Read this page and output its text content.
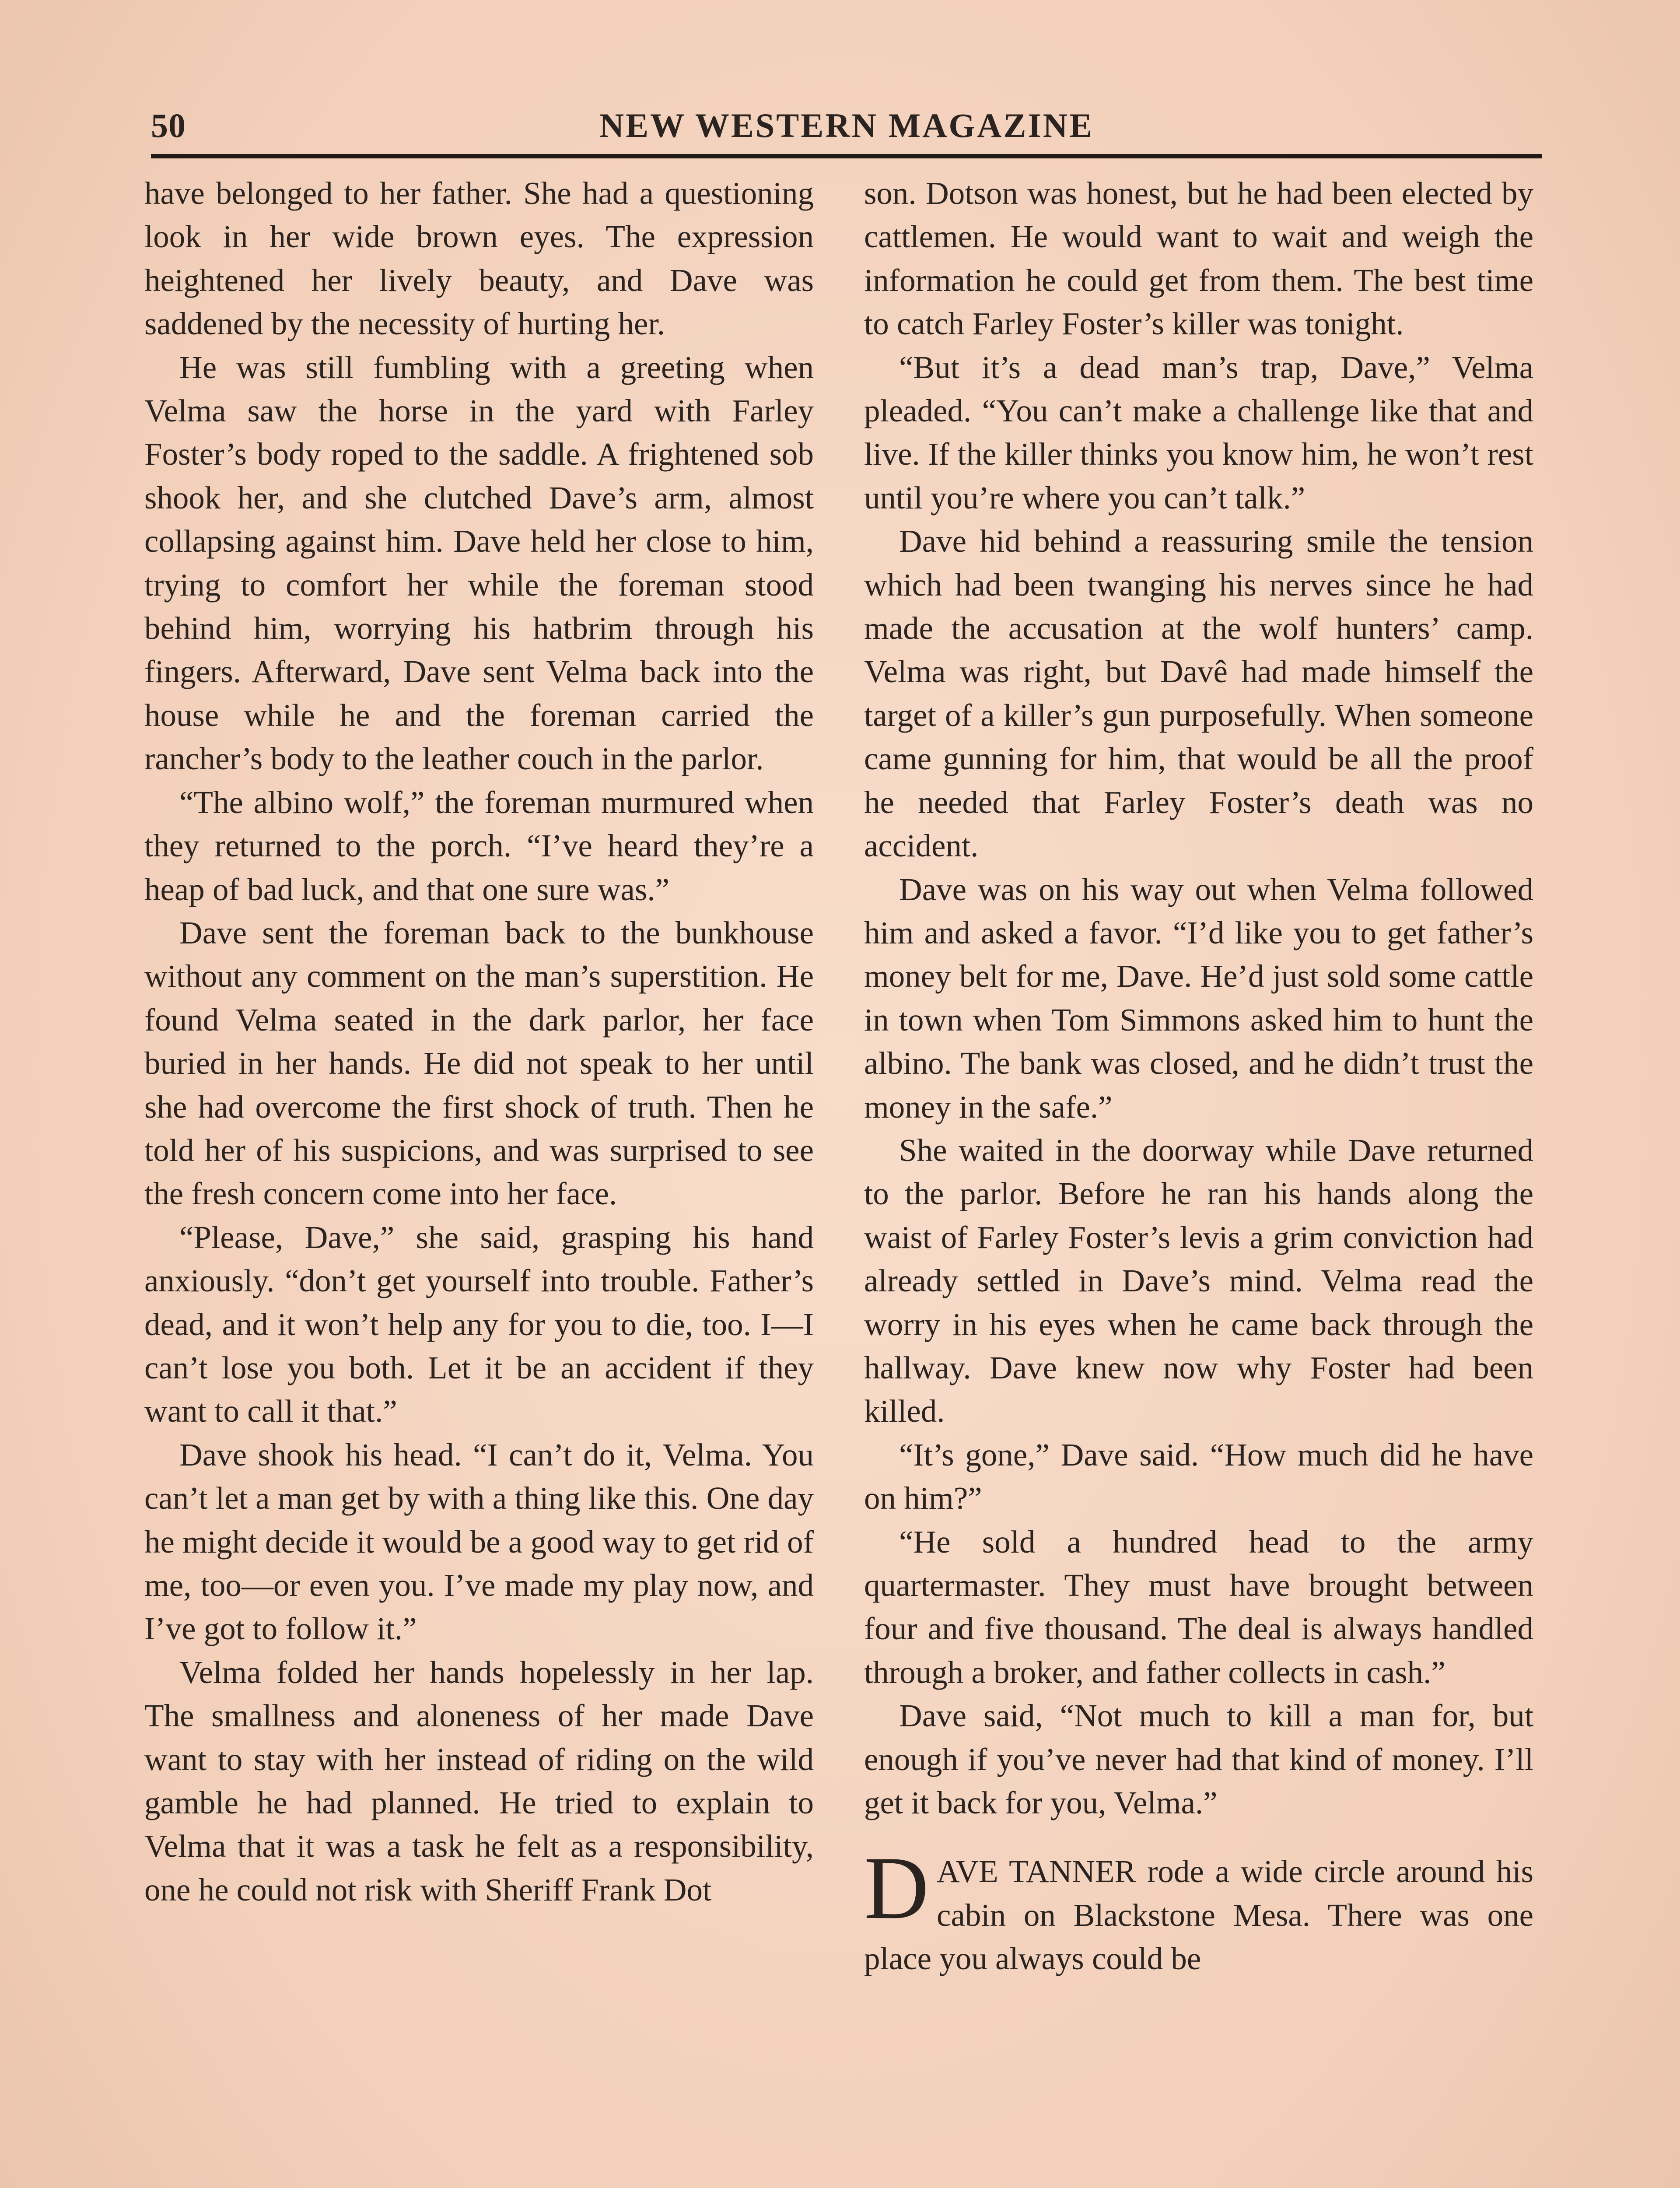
50	NEW WESTERN MAGAZINE

have belonged to her father. She had a questioning look in her wide brown eyes. The expression heightened her lively beauty, and Dave was saddened by the necessity of hurting her.

He was still fumbling with a greeting when Velma saw the horse in the yard with Farley Foster’s body roped to the saddle. A frightened sob shook her, and she clutched Dave’s arm, almost collapsing against him. Dave held her close to him, trying to comfort her while the foreman stood behind him, worrying his hatbrim through his fingers. Afterward, Dave sent Velma back into the house while he and the foreman carried the rancher’s body to the leather couch in the parlor.

“The albino wolf,” the foreman murmured when they returned to the porch. “I’ve heard they’re a heap of bad luck, and that one sure was.”

Dave sent the foreman back to the bunkhouse without any comment on the man’s superstition. He found Velma seated in the dark parlor, her face buried in her hands. He did not speak to her until she had overcome the first shock of truth. Then he told her of his suspicions, and was surprised to see the fresh concern come into her face.

“Please, Dave,” she said, grasping his hand anxiously. “don’t get yourself into trouble. Father’s dead, and it won’t help any for you to die, too. I—I can’t lose you both. Let it be an accident if they want to call it that.”

Dave shook his head. “I can’t do it, Velma. You can’t let a man get by with a thing like this. One day he might decide it would be a good way to get rid of me, too—or even you. I’ve made my play now, and I’ve got to follow it.”

Velma folded her hands hopelessly in her lap. The smallness and aloneness of her made Dave want to stay with her instead of riding on the wild gamble he had planned. He tried to explain to Velma that it was a task he felt as a responsibility, one he could not risk with Sheriff Frank Dot

son. Dotson was honest, but he had been elected by cattlemen. He would want to wait and weigh the information he could get from them. The best time to catch Farley Foster’s killer was tonight.

“But it’s a dead man’s trap, Dave,” Velma pleaded. “You can’t make a challenge like that and live. If the killer thinks you know him, he won’t rest until you’re where you can’t talk.”

Dave hid behind a reassuring smile the tension which had been twanging his nerves since he had made the accusation at the wolf hunters’ camp. Velma was right, but Davê had made himself the target of a killer’s gun purposefully. When someone came gunning for him, that would be all the proof he needed that Farley Foster’s death was no accident.

Dave was on his way out when Velma followed him and asked a favor. “I’d like you to get father’s money belt for me, Dave. He’d just sold some cattle in town when Tom Simmons asked him to hunt the albino. The bank was closed, and he didn’t trust the money in the safe.”

She waited in the doorway while Dave returned to the parlor. Before he ran his hands along the waist of Farley Foster’s levis a grim conviction had already settled in Dave’s mind. Velma read the worry in his eyes when he came back through the hallway. Dave knew now why Foster had been killed.

“It’s gone,” Dave said. “How much did he have on him?”

“He sold a hundred head to the army quartermaster. They must have brought between four and five thousand. The deal is always handled through a broker, and father collects in cash.”

Dave said, “Not much to kill a man for, but enough if you’ve never had that kind of money. I’ll get it back for you, Velma.”

DAVE TANNER rode a wide circle around his cabin on Blackstone Mesa. There was one place you always could be
